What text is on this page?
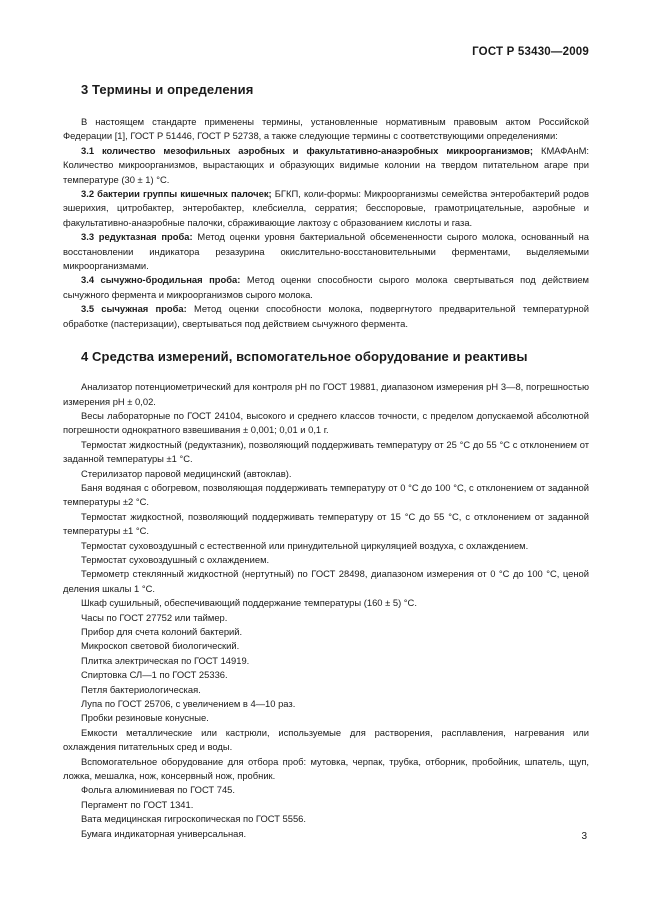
ГОСТ Р 53430—2009
3 Термины и определения

В настоящем стандарте применены термины, установленные нормативным правовым актом Российской Федерации [1], ГОСТ Р 51446, ГОСТ Р 52738, а также следующие термины с соответствующими определениями:

3.1 количество мезофильных аэробных и факультативно-анаэробных микроорганизмов; КМАФАнМ: Количество микроорганизмов, вырастающих и образующих видимые колонии на твердом питательном агаре при температуре (30 ± 1) °С.

3.2 бактерии группы кишечных палочек; БГКП, коли-формы: Микроорганизмы семейства энтеробактерий родов эшерихия, цитробактер, энтеробактер, клебсиелла, серратия; бесспоровые, грамотрицательные, аэробные и факультативно-анаэробные палочки, сбраживающие лактозу с образованием кислоты и газа.

3.3 редуктазная проба: Метод оценки уровня бактериальной обсемененности сырого молока, основанный на восстановлении индикатора резазурина окислительно-восстановительными ферментами, выделяемыми микроорганизмами.

3.4 сычужно-бродильная проба: Метод оценки способности сырого молока свертываться под действием сычужного фермента и микроорганизмов сырого молока.

3.5 сычужная проба: Метод оценки способности молока, подвергнутого предварительной температурной обработке (пастеризации), свертываться под действием сычужного фермента.

4 Средства измерений, вспомогательное оборудование и реактивы

Анализатор потенциометрический для контроля рН по ГОСТ 19881, диапазоном измерения рН 3—8, погрешностью измерения рН ± 0,02.

Весы лабораторные по ГОСТ 24104, высокого и среднего классов точности, с пределом допускаемой абсолютной погрешности однократного взвешивания ± 0,001; 0,01 и 0,1 г.

Термостат жидкостный (редуктазник), позволяющий поддерживать температуру от 25 °С до 55 °С с отклонением от заданной температуры ±1 °С.

Стерилизатор паровой медицинский (автоклав).

Баня водяная с обогревом, позволяющая поддерживать температуру от 0 °С до 100 °С, с отклонением от заданной температуры ±2 °С.

Термостат жидкостной, позволяющий поддерживать температуру от 15 °С до 55 °С, с отклонением от заданной температуры ±1 °С.

Термостат суховоздушный с естественной или принудительной циркуляцией воздуха, с охлаждением.

Термостат суховоздушный с охлаждением.

Термометр стеклянный жидкостной (нертутный) по ГОСТ 28498, диапазоном измерения от 0 °С до 100 °С, ценой деления шкалы 1 °С.

Шкаф сушильный, обеспечивающий поддержание температуры (160 ± 5) °С.

Часы по ГОСТ 27752 или таймер.

Прибор для счета колоний бактерий.

Микроскоп световой биологический.

Плитка электрическая по ГОСТ 14919.

Спиртовка СЛ—1 по ГОСТ 25336.

Петля бактериологическая.

Лупа по ГОСТ 25706, с увеличением в 4—10 раз.

Пробки резиновые конусные.

Емкости металлические или кастрюли, используемые для растворения, расплавления, нагревания или охлаждения питательных сред и воды.

Вспомогательное оборудование для отбора проб: мутовка, черпак, трубка, отборник, пробойник, шпатель, щуп, ложка, мешалка, нож, консервный нож, пробник.

Фольга алюминиевая по ГОСТ 745.

Пергамент по ГОСТ 1341.

Вата медицинская гигроскопическая по ГОСТ 5556.

Бумага индикаторная универсальная.	3
